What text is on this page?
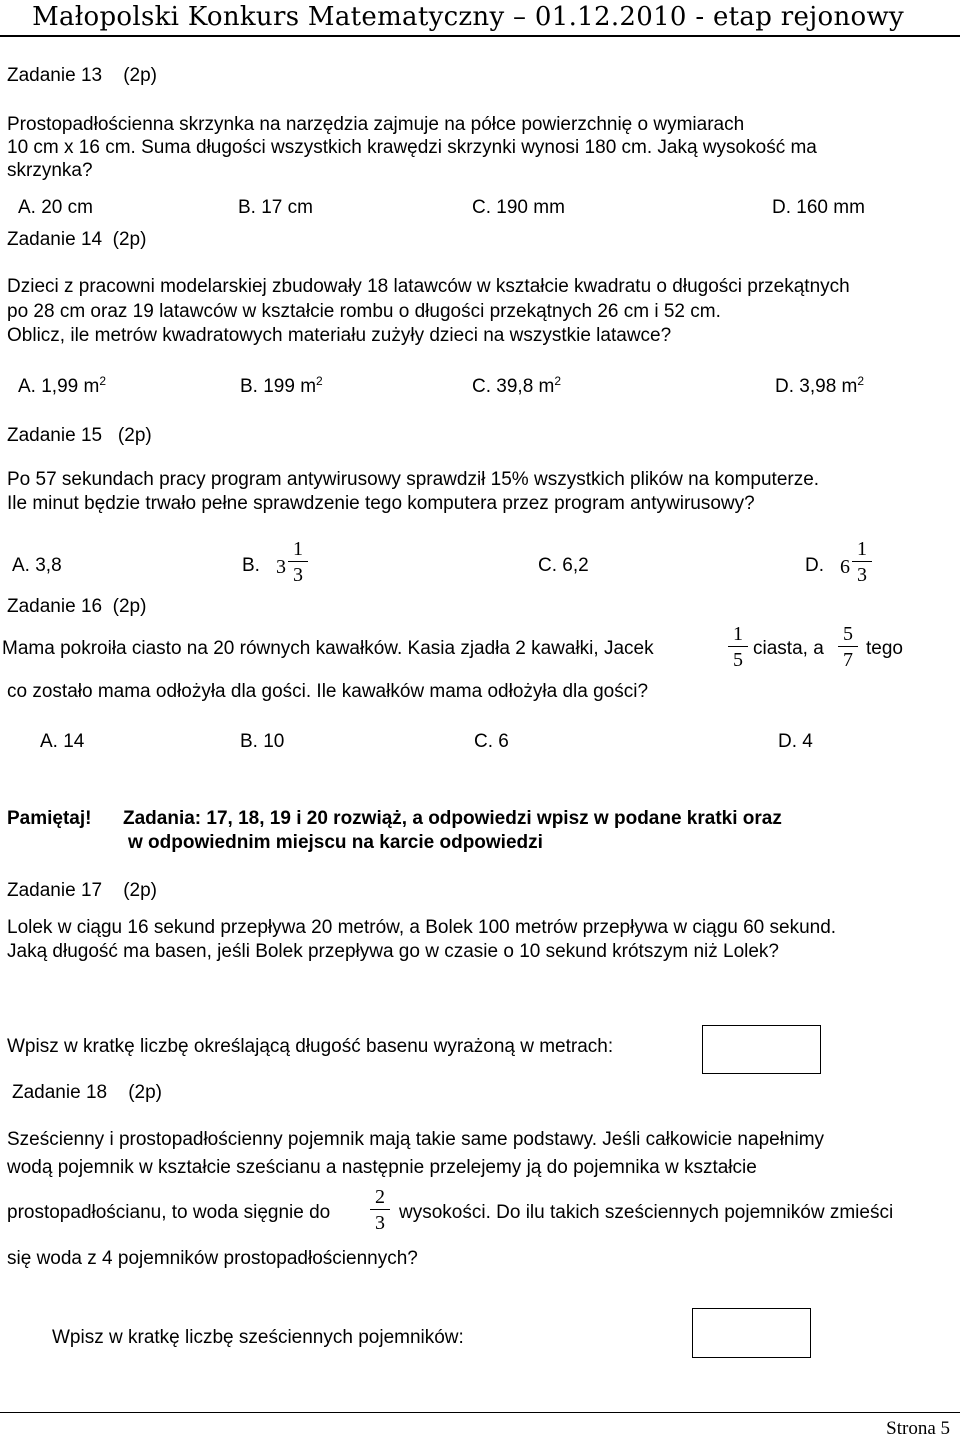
Małopolski Konkurs Matematyczny – 01.12.2010 - etap rejonowy
Zadanie 13 (2p)
Prostopadłościenna skrzynka na narzędzia zajmuje na półce powierzchnię o wymiarach
10 cm x 16 cm. Suma długości wszystkich krawędzi skrzynki wynosi 180 cm. Jaką wysokość ma
skrzynka?
A. 20 cm	B. 17 cm	C. 190 mm	D. 160 mm
Zadanie 14 (2p)
Dzieci z pracowni modelarskiej zbudowały 18 latawców w kształcie kwadratu o długości przekątnych
po 28 cm oraz 19 latawców w kształcie rombu o długości przekątnych 26 cm i 52 cm.
Oblicz, ile metrów kwadratowych materiału zużyły dzieci na wszystkie latawce?
A. 1,99 $m^2$	B. 199 $m^2$	C. 39,8 $m^2$	D. 3,98 $m^2$
Zadanie 15 (2p)
Po 57 sekundach pracy program antywirusowy sprawdził 15% wszystkich plików na komputerze.
Ile minut będzie trwało pełne sprawdzenie tego komputera przez program antywirusowy?
A. 3,8	B. 3
1
3	C. 6,2	D. 6
1
3
Zadanie 16 (2p)
Mama pokroiła ciasto na 20 równych kawałków. Kasia zjadła 2 kawałki, Jacek
1
5
ciasta, a
5
7
tego
co zostało mama odłożyła dla gości. Ile kawałków mama odłożyła dla gości?
A. 14	B. 10	C. 6	D. 4
Pamiętaj! Zadania: 17, 18, 19 i 20 rozwiąż, a odpowiedzi wpisz w podane kratki oraz
w odpowiednim miejscu na karcie odpowiedzi
Zadanie 17 (2p)
Lolek w ciągu 16 sekund przepływa 20 metrów, a Bolek 100 metrów przepływa w ciągu 60 sekund.
Jaką długość ma basen, jeśli Bolek przepływa go w czasie o 10 sekund krótszym niż Lolek?
Wpisz w kratkę liczbę określającą długość basenu wyrażoną w metrach:
Zadanie 18 (2p)
Sześcienny i prostopadłościenny pojemnik mają takie same podstawy. Jeśli całkowicie napełnimy
wodą pojemnik w kształcie sześcianu a następnie przelejemy ją do pojemnika w kształcie
prostopadłościanu, to woda sięgnie do
2
3 wysokości. Do ilu takich sześciennych pojemników zmieści
się woda z 4 pojemników prostopadłościennych?
Wpisz w kratkę liczbę sześciennych pojemników:
Strona 5
